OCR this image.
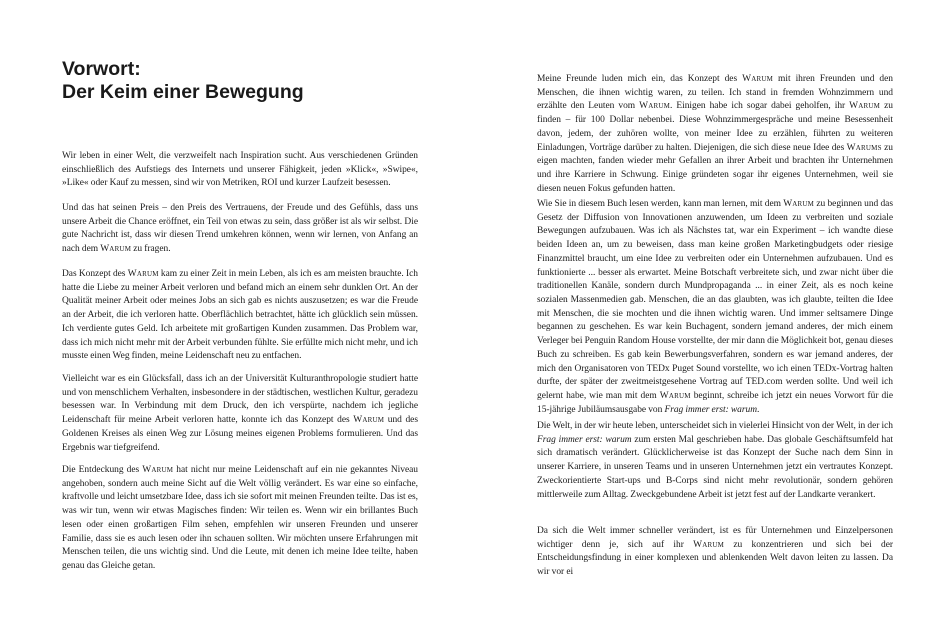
Vorwort:
Der Keim einer Bewegung

Wir leben in einer Welt, die verzweifelt nach Inspiration sucht. Aus verschiedenen Gründen einschließlich des Aufstiegs des Internets und unserer Fähigkeit, jeden »Klick«, »Swipe«, »Like« oder Kauf zu messen, sind wir von Metriken, ROI und kurzer Laufzeit besessen.

Und das hat seinen Preis – den Preis des Vertrauens, der Freude und des Gefühls, dass uns unsere Arbeit die Chance eröffnet, ein Teil von etwas zu sein, dass größer ist als wir selbst. Die gute Nachricht ist, dass wir diesen Trend umkehren können, wenn wir lernen, von Anfang an nach dem Warum zu fragen.

Das Konzept des Warum kam zu einer Zeit in mein Leben, als ich es am meisten brauchte. Ich hatte die Liebe zu meiner Arbeit verloren und befand mich an einem sehr dunklen Ort. An der Qualität meiner Arbeit oder meines Jobs an sich gab es nichts auszusetzen; es war die Freude an der Arbeit, die ich verloren hatte. Oberflächlich betrachtet, hätte ich glücklich sein müssen. Ich verdiente gutes Geld. Ich arbeitete mit großartigen Kunden zusammen. Das Problem war, dass ich mich nicht mehr mit der Arbeit verbunden fühlte. Sie erfüllte mich nicht mehr, und ich musste einen Weg finden, meine Leidenschaft neu zu entfachen.

Vielleicht war es ein Glücksfall, dass ich an der Universität Kulturanthropologie studiert hatte und von menschlichem Verhalten, insbesondere in der städtischen, westlichen Kultur, geradezu besessen war. In Verbindung mit dem Druck, den ich verspürte, nachdem ich jegliche Leidenschaft für meine Arbeit verloren hatte, konnte ich das Konzept des Warum und des Goldenen Kreises als einen Weg zur Lösung meines eigenen Problems formulieren. Und das Ergebnis war tiefgreifend.

Die Entdeckung des Warum hat nicht nur meine Leidenschaft auf ein nie gekanntes Niveau angehoben, sondern auch meine Sicht auf die Welt völlig verändert. Es war eine so einfache, kraftvolle und leicht umsetzbare Idee, dass ich sie sofort mit meinen Freunden teilte. Das ist es, was wir tun, wenn wir etwas Magisches finden: Wir teilen es. Wenn wir ein brillantes Buch lesen oder einen großartigen Film sehen, empfehlen wir unseren Freunden und unserer Familie, dass sie es auch lesen oder ihn schauen sollten. Wir möchten unsere Erfahrungen mit Menschen teilen, die uns wichtig sind. Und die Leute, mit denen ich meine Idee teilte, haben genau das Gleiche getan.

Meine Freunde luden mich ein, das Konzept des Warum mit ihren Freunden und den Menschen, die ihnen wichtig waren, zu teilen. Ich stand in fremden Wohnzimmern und erzählte den Leuten vom Warum. Einigen habe ich sogar dabei geholfen, ihr Warum zu finden – für 100 Dollar nebenbei. Diese Wohnzimmergespräche und meine Besessenheit davon, jedem, der zuhören wollte, von meiner Idee zu erzählen, führten zu weiteren Einladungen, Vorträge darüber zu halten. Diejenigen, die sich diese neue Idee des Warums zu eigen machten, fanden wieder mehr Gefallen an ihrer Arbeit und brachten ihr Unternehmen und ihre Karriere in Schwung. Einige gründeten sogar ihr eigenes Unternehmen, weil sie diesen neuen Fokus gefunden hatten.

Wie Sie in diesem Buch lesen werden, kann man lernen, mit dem Warum zu beginnen und das Gesetz der Diffusion von Innovationen anzuwenden, um Ideen zu verbreiten und soziale Bewegungen aufzubauen. Was ich als Nächstes tat, war ein Experiment – ich wandte diese beiden Ideen an, um zu beweisen, dass man keine großen Marketingbudgets oder riesige Finanzmittel braucht, um eine Idee zu verbreiten oder ein Unternehmen aufzubauen. Und es funktionierte ... besser als erwartet. Meine Botschaft verbreitete sich, und zwar nicht über die traditionellen Kanäle, sondern durch Mundpropaganda ... in einer Zeit, als es noch keine sozialen Massenmedien gab. Menschen, die an das glaubten, was ich glaubte, teilten die Idee mit Menschen, die sie mochten und die ihnen wichtig waren. Und immer seltsamere Dinge begannen zu geschehen. Es war kein Buchagent, sondern jemand anderes, der mich einem Verleger bei Penguin Random House vorstellte, der mir dann die Möglichkeit bot, genau dieses Buch zu schreiben. Es gab kein Bewerbungsverfahren, sondern es war jemand anderes, der mich den Organisatoren von TEDx Puget Sound vorstellte, wo ich einen TEDx-Vortrag halten durfte, der später der zweitmeistgesehene Vortrag auf TED.com werden sollte. Und weil ich gelernt habe, wie man mit dem Warum beginnt, schreibe ich jetzt ein neues Vorwort für die 15-jährige Jubiläumsausgabe von Frag immer erst: warum.

Die Welt, in der wir heute leben, unterscheidet sich in vielerlei Hinsicht von der Welt, in der ich Frag immer erst: warum zum ersten Mal geschrieben habe. Das globale Geschäftsumfeld hat sich dramatisch verändert. Glücklicherweise ist das Konzept der Suche nach dem Sinn in unserer Karriere, in unseren Teams und in unseren Unternehmen jetzt ein vertrautes Konzept. Zweckorientierte Start-ups und B-Corps sind nicht mehr revolutionär, sondern gehören mittlerweile zum Alltag. Zweckgebundene Arbeit ist jetzt fest auf der Landkarte verankert.

Da sich die Welt immer schneller verändert, ist es für Unternehmen und Einzelpersonen wichtiger denn je, sich auf ihr Warum zu konzentrieren und sich bei der Entscheidungsfindung in einer komplexen und ablenkenden Welt davon leiten zu lassen. Da wir vor ei
